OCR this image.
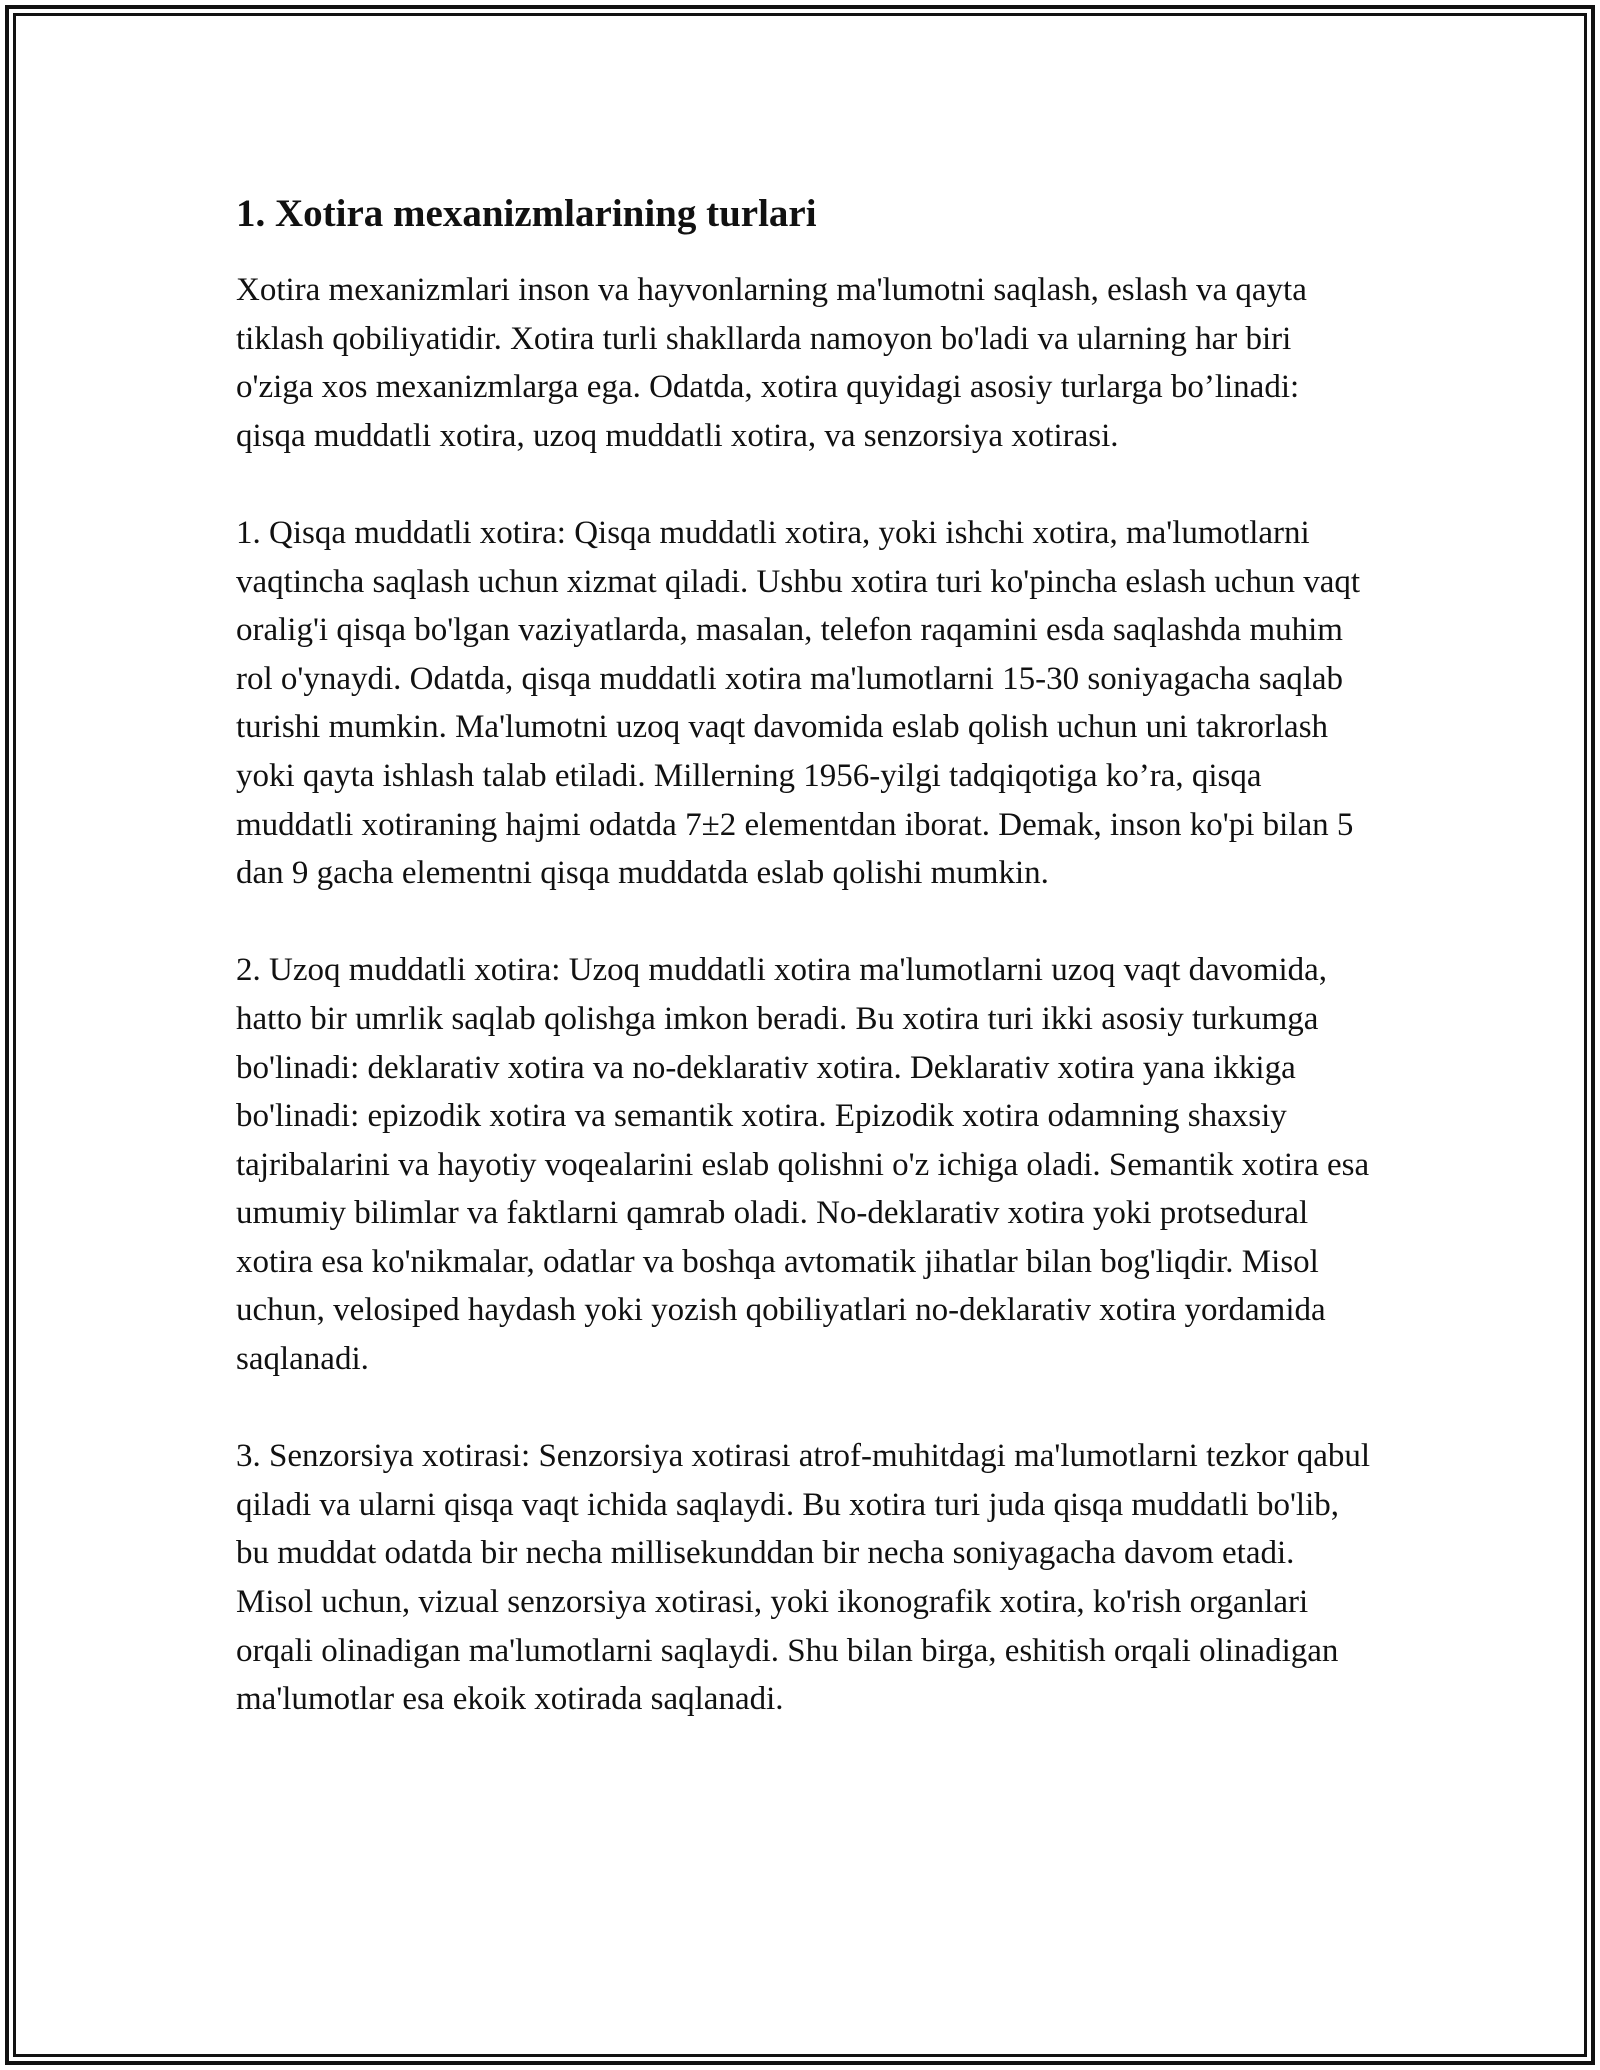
1. Xotira mexanizmlarining turlari

Xotira mexanizmlari inson va hayvonlarning ma'lumotni saqlash, eslash va qayta tiklash qobiliyatidir. Xotira turli shakllarda namoyon bo'ladi va ularning har biri o'ziga xos mexanizmlarga ega. Odatda, xotira quyidagi asosiy turlarga bo’linadi: qisqa muddatli xotira, uzoq muddatli xotira, va senzorsiya xotirasi.

1. Qisqa muddatli xotira: Qisqa muddatli xotira, yoki ishchi xotira, ma'lumotlarni vaqtincha saqlash uchun xizmat qiladi. Ushbu xotira turi ko'pincha eslash uchun vaqt oralig'i qisqa bo'lgan vaziyatlarda, masalan, telefon raqamini esda saqlashda muhim rol o'ynaydi. Odatda, qisqa muddatli xotira ma'lumotlarni 15-30 soniyagacha saqlab turishi mumkin. Ma'lumotni uzoq vaqt davomida eslab qolish uchun uni takrorlash yoki qayta ishlash talab etiladi. Millerning 1956-yilgi tadqiqotiga ko’ra, qisqa muddatli xotiraning hajmi odatda 7±2 elementdan iborat. Demak, inson ko'pi bilan 5 dan 9 gacha elementni qisqa muddatda eslab qolishi mumkin.

2. Uzoq muddatli xotira: Uzoq muddatli xotira ma'lumotlarni uzoq vaqt davomida, hatto bir umrlik saqlab qolishga imkon beradi. Bu xotira turi ikki asosiy turkumga bo'linadi: deklarativ xotira va no-deklarativ xotira. Deklarativ xotira yana ikkiga bo'linadi: epizodik xotira va semantik xotira. Epizodik xotira odamning shaxsiy tajribalarini va hayotiy voqealarini eslab qolishni o'z ichiga oladi. Semantik xotira esa umumiy bilimlar va faktlarni qamrab oladi. No-deklarativ xotira yoki protsedural xotira esa ko'nikmalar, odatlar va boshqa avtomatik jihatlar bilan bog'liqdir. Misol uchun, velosiped haydash yoki yozish qobiliyatlari no-deklarativ xotira yordamida saqlanadi.

3. Senzorsiya xotirasi: Senzorsiya xotirasi atrof-muhitdagi ma'lumotlarni tezkor qabul qiladi va ularni qisqa vaqt ichida saqlaydi. Bu xotira turi juda qisqa muddatli bo'lib, bu muddat odatda bir necha millisekunddan bir necha soniyagacha davom etadi. Misol uchun, vizual senzorsiya xotirasi, yoki ikonografik xotira, ko'rish organlari orqali olinadigan ma'lumotlarni saqlaydi. Shu bilan birga, eshitish orqali olinadigan ma'lumotlar esa ekoik xotirada saqlanadi.
